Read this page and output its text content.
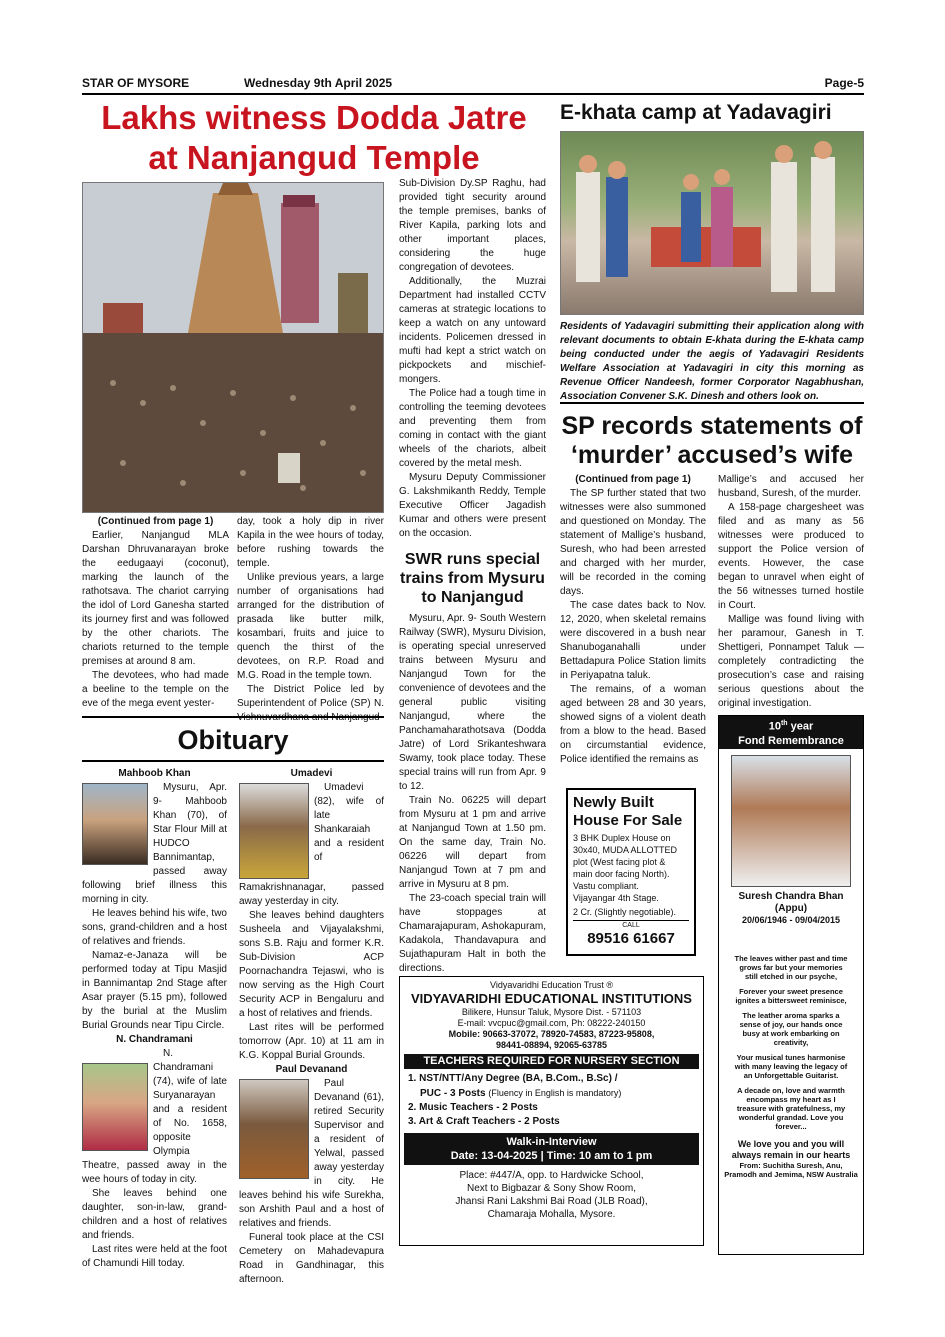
STAR OF MYSORE	Wednesday 9th April 2025	Page-5
Lakhs witness Dodda Jatre
at Nanjangud Temple
(Continued from page 1)

Earlier, Nanjangud MLA Darshan Dhruvanarayan broke the eedugaayi (coconut), marking the launch of the rathotsava. The chariot carrying the idol of Lord Ganesha started its journey first and was followed by the other chariots. The chariots returned to the temple premises at around 8 am.

The devotees, who had made a beeline to the temple on the eve of the mega event yester-

day, took a holy dip in river Kapila in the wee hours of today, before rushing towards the temple.

Unlike previous years, a large number of organisations had arranged for the distribution of prasada like butter milk, kosambari, fruits and juice to quench the thirst of the devotees, on R.P. Road and M.G. Road in the temple town.

The District Police led by Superintendent of Police (SP) N.

Sub-Division Dy.SP Raghu, had provided tight security around the temple premises, banks of River Kapila, parking lots and other important places, considering the huge congregation of devotees.

Additionally, the Muzrai Department had installed CCTV cameras at strategic locations to keep a watch on any untoward incidents. Policemen dressed in mufti had kept a strict watch on pickpockets and mischief-mongers.

The Police had a tough time in controlling the teeming devotees and preventing them from coming in contact with the giant wheels of the chariots, albeit covered by the metal mesh.

Mysuru Deputy Commissioner G. Lakshmikanth Reddy, Temple Executive Officer Jagadish Kumar and others were present on the occasion.

SWR runs special trains from Mysuru to Nanjangud

Mysuru, Apr. 9- South Western Railway (SWR), Mysuru Division, is operating special unreserved trains between Mysuru and Nanjangud Town for the convenience of devotees and the general public visiting Nanjangud, where the Panchamaharathotsava (Dodda Jatre) of Lord Srikanteshwara Swamy, took place today. These special trains will run from Apr. 9 to 12.

Train No. 06225 will depart from Mysuru at 1 pm and arrive at Nanjangud Town at 1.50 pm. On the same day, Train No. 06226 will depart from Nanjangud Town at 7 pm and arrive in Mysuru at 8 pm.

The 23-coach special train will have stoppages at Chamarajapuram, Ashokapuram, Kadakola, Thandavapura and Sujathapuram Halt in both the directions.

E-khata camp at Yadavagiri
Residents of Yadavagiri submitting their application along with relevant documents to obtain E-khata during the E-khata camp being conducted under the aegis of Yadavagiri Residents Welfare Association at Yadavagiri in city this morning as Revenue Officer Nandeesh, former Corporator Nagabhushan, Association Convener S.K. Dinesh and others look on.
SP records statements of
‘murder’ accused’s wife
(Continued from page 1)

The SP further stated that two witnesses were also summoned and questioned on Monday. The statement of Mallige’s husband, Suresh, who had been arrested and charged with her murder, will be recorded in the coming days.

The case dates back to Nov. 12, 2020, when skeletal remains were discovered in a bush near Shanuboganahalli under Bettadapura Police Station limits in Periyapatna taluk.

The remains, of a woman aged between 28 and 30 years, showed signs of a violent death from a blow to the head. Based on circumstantial evidence, Police identified the remains as

Mallige’s and accused her husband, Suresh, of the murder.

A 158-page chargesheet was filed and as many as 56 witnesses were produced to support the Police version of events. However, the case began to unravel when eight of the 56 witnesses turned hostile in Court.

Mallige was found living with her paramour, Ganesh in T. Shettigeri, Ponnampet Taluk — completely contradicting the prosecution’s case and raising serious questions about the original investigation.

Obituary
Mahboob Khan

Mysuru, Apr. 9- Mahboob Khan (70), of Star Flour Mill at HUDCO Bannimantap, passed away following brief illness this morning in city.

He leaves behind his wife, two sons, grand-children and a host of relatives and friends.

Namaz-e-Janaza will be performed today at Tipu Masjid in Bannimantap 2nd Stage after Asar prayer (5.15 pm), followed by the burial at the Muslim Burial Grounds near Tipu Circle.

N. Chandramani

N. Chandramani (74), wife of late Suryanarayan and a resident of No. 1658, opposite Olympia Theatre, passed away in the wee hours of today in city.

She leaves behind one daughter, son-in-law, grand-children and a host of relatives and friends.

Last rites were held at the foot of Chamundi Hill today.

Umadevi

Umadevi (82), wife of late Shankaraiah and a resident of Ramakrishnanagar, passed away yesterday in city.

She leaves behind daughters Susheela and Vijayalakshmi, sons S.B. Raju and former K.R. Sub-Division ACP Poornachandra Tejaswi, who is now serving as the High Court Security ACP in Bengaluru and a host of relatives and friends.

Last rites will be performed tomorrow (Apr. 10) at 11 am in K.G. Koppal Burial Grounds.

Paul Devanand

Paul Devanand (61), retired Security Supervisor and a resident of Yelwal, passed away yesterday in city. He leaves behind his wife Surekha, son Arshith Paul and a host of relatives and friends.

Funeral took place at the CSI Cemetery on Mahadevapura Road in Gandhinagar, this afternoon.

Newly Built
House For Sale
3 BHK Duplex House on
30x40, MUDA ALLOTTED
plot (West facing plot &
main door facing North).
Vastu compliant.
Vijayangar 4th Stage.
2 Cr. (Slightly negotiable).
CALL
89516 61667
Vidyavaridhi Education Trust ®
VIDYAVARIDHI EDUCATIONAL INSTITUTIONS
Bilikere, Hunsur Taluk, Mysore Dist. - 571103
E-mail: vvcpuc@gmail.com, Ph: 08222-240150
Mobile: 90663-37072, 78920-74583, 87223-95808,
98441-08894, 92065-63785
TEACHERS REQUIRED FOR NURSERY SECTION
1. NST/NTT/Any Degree (BA, B.Com., B.Sc) /
PUC - 3 Posts (Fluency in English is mandatory)
2. Music Teachers - 2 Posts
3. Art & Craft Teachers - 2 Posts
Walk-in-Interview
Date: 13-04-2025 | Time: 10 am to 1 pm
Place: #447/A, opp. to Hardwicke School,
Next to Bigbazar & Sony Show Room,
Jhansi Rani Lakshmi Bai Road (JLB Road),
Chamaraja Mohalla, Mysore.
10th year
Fond Remembrance
Suresh Chandra Bhan
(Appu)
20/06/1946 - 09/04/2015
The leaves wither past and time grows far but your memories still etched in our psyche,
Forever your sweet presence ignites a bittersweet reminisce,
The leather aroma sparks a sense of joy, our hands once busy at work embarking on creativity,
Your musical tunes harmonise with many leaving the legacy of an Unforgettable Guitarist.
A decade on, love and warmth encompass my heart as I treasure with gratefulness, my wonderful grandad. Love you forever...
We love you and you will always remain in our hearts
From: Suchitha Suresh, Anu, Pramodh and Jemima, NSW Australia
